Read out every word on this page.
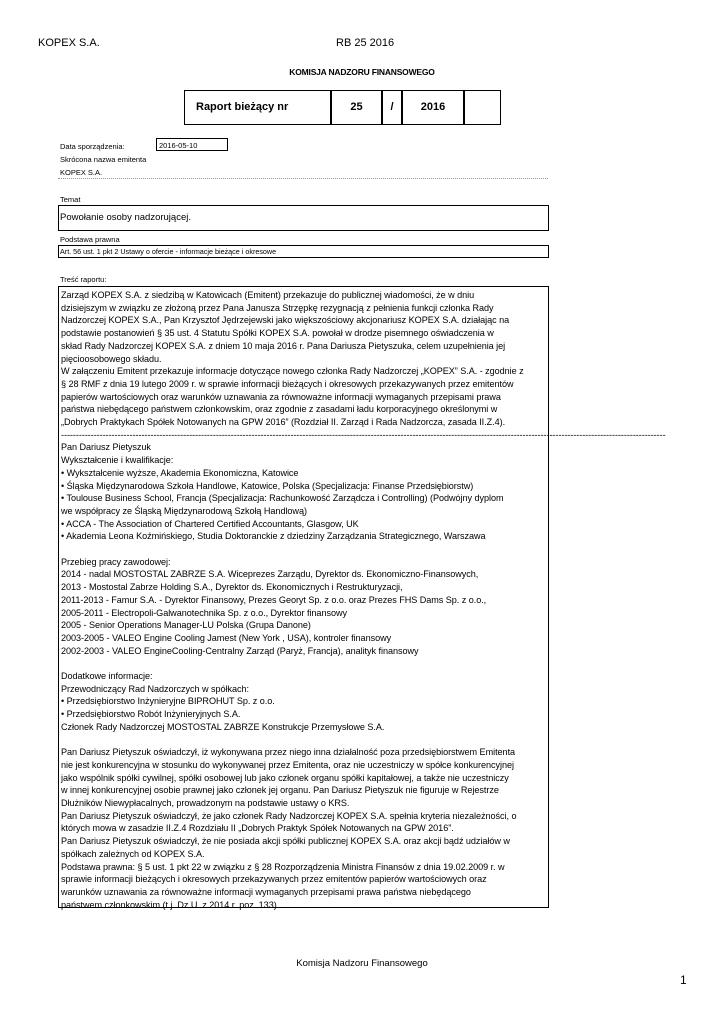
KOPEX S.A.	RB 25 2016
KOMISJA NADZORU FINANSOWEGO
Raport bieżący nr	25	/	2016
Data sporządzenia:	2016-05-10
Skrócona nazwa emitenta
KOPEX S.A.
Temat
Powołanie osoby nadzorującej.
Podstawa prawna
Art. 56 ust. 1 pkt 2 Ustawy o ofercie - informacje bieżące i okresowe
Treść raportu:

Zarząd KOPEX S.A. z siedzibą w Katowicach (Emitent) przekazuje do publicznej wiadomości, że w dniu

dzisiejszym w związku ze złożoną przez Pana Janusza Strzępkę rezygnacją z pełnienia funkcji członka Rady

Nadzorczej KOPEX S.A., Pan Krzysztof Jędrzejewski jako większościowy akcjonariusz KOPEX S.A. działając na

podstawie postanowień § 35 ust. 4 Statutu Spółki KOPEX S.A. powołał w drodze pisemnego oświadczenia w

skład Rady Nadzorczej KOPEX S.A. z dniem 10 maja 2016 r. Pana Dariusza Pietyszuka, celem uzupełnienia jej

pięcioosobowego składu.

W załączeniu Emitent przekazuje informacje dotyczące nowego członka Rady Nadzorczej „KOPEX” S.A. - zgodnie z

§ 28 RMF z dnia 19 lutego 2009 r. w sprawie informacji bieżących i okresowych przekazywanych przez emitentów

papierów wartościowych oraz warunków uznawania za równoważne informacji wymaganych przepisami prawa

państwa niebędącego państwem członkowskim, oraz zgodnie z zasadami ładu korporacyjnego określonymi w

„Dobrych Praktykach Spółek Notowanych na GPW 2016” (Rozdział II. Zarząd i Rada Nadzorcza, zasada II.Z.4).

-----------------------------------------------------------------------------------------------------------------------------------------------------------------------------------------------------------

Pan Dariusz Pietyszuk

Wykształcenie i kwalifikacje:

• Wykształcenie wyższe, Akademia Ekonomiczna, Katowice

• Śląska Międzynarodowa Szkoła Handlowe, Katowice, Polska (Specjalizacja: Finanse Przedsiębiorstw)

• Toulouse Business School, Francja (Specjalizacja: Rachunkowość Zarządcza i Controlling) (Podwójny dyplom

we współpracy ze Śląską Międzynarodową Szkołą Handlową)

• ACCA - The Association of Chartered Certified Accountants, Glasgow, UK

• Akademia Leona Koźmińskiego, Studia Doktoranckie z dziedziny Zarządzania Strategicznego, Warszawa

Przebieg pracy zawodowej:

2014 - nadal MOSTOSTAL ZABRZE S.A. Wiceprezes Zarządu, Dyrektor ds. Ekonomiczno-Finansowych,

2013 - Mostostal Zabrze Holding S.A., Dyrektor ds. Ekonomicznych i Restrukturyzacji,

2011-2013 - Famur S.A. - Dyrektor Finansowy, Prezes Georyt Sp. z o.o. oraz Prezes FHS Dams Sp. z o.o.,

2005-2011 - Electropoli-Galwanotechnika Sp. z o.o., Dyrektor finansowy

2005 - Senior Operations Manager-LU Polska (Grupa Danone)

2003-2005 - VALEO Engine Cooling Jamest (New York , USA), kontroler finansowy

2002-2003 - VALEO EngineCooling-Centralny Zarząd (Paryż, Francja), analityk finansowy

Dodatkowe informacje:

Przewodniczący Rad Nadzorczych w spółkach:

• Przedsiębiorstwo Inżynieryjne BIPROHUT Sp. z o.o.

• Przedsiębiorstwo Robót Inżynieryjnych S.A.

Członek Rady Nadzorczej MOSTOSTAL ZABRZE Konstrukcje Przemysłowe S.A.

Pan Dariusz Pietyszuk oświadczył, iż wykonywana przez niego inna działalność poza przedsiębiorstwem Emitenta

nie jest konkurencyjna w stosunku do wykonywanej przez Emitenta, oraz nie uczestniczy w spółce konkurencyjnej

jako wspólnik spółki cywilnej, spółki osobowej lub jako członek organu spółki kapitałowej, a także nie uczestniczy

w innej konkurencyjnej osobie prawnej jako członek jej organu. Pan Dariusz Pietyszuk nie figuruje w Rejestrze

Dłużników Niewypłacalnych, prowadzonym na podstawie ustawy o KRS.

Pan Dariusz Pietyszuk oświadczył, że jako członek Rady Nadzorczej KOPEX S.A. spełnia kryteria niezależności, o

których mowa w zasadzie II.Z.4 Rozdziału II „Dobrych Praktyk Spółek Notowanych na GPW 2016”.

Pan Dariusz Pietyszuk oświadczył, że nie posiada akcji spółki publicznej KOPEX S.A. oraz akcji bądź udziałów w

spółkach zależnych od KOPEX S.A.

Podstawa prawna: § 5 ust. 1 pkt 22 w związku z § 28 Rozporządzenia Ministra Finansów z dnia 19.02.2009 r. w

sprawie informacji bieżących i okresowych przekazywanych przez emitentów papierów wartościowych oraz

warunków uznawania za równoważne informacji wymaganych przepisami prawa państwa niebędącego

państwem członkowskim (t.j. Dz.U. z 2014 r. poz. 133).

Komisja Nadzoru Finansowego
1
